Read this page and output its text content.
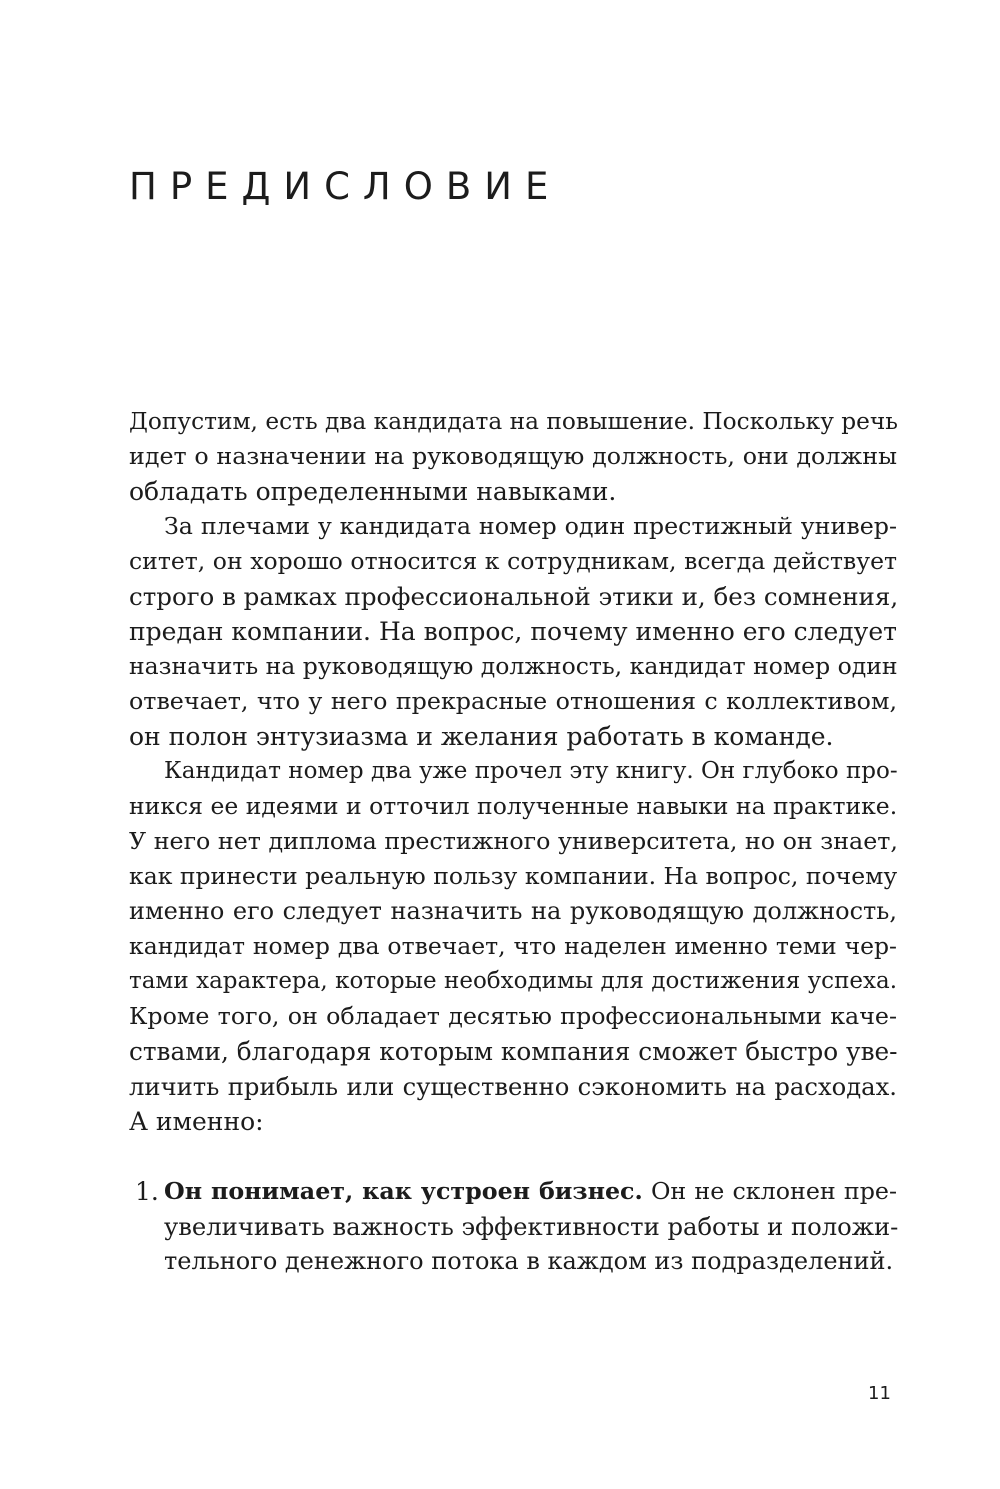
ПРЕДИСЛОВИЕ

Допустим, есть два кандидата на повышение. Поскольку речь
идет о назначении на руководящую должность, они должны
обладать определенными навыками.

За плечами у кандидата номер один престижный универ-
ситет, он хорошо относится к сотрудникам, всегда действует
строго в рамках профессиональной этики и, без сомнения,
предан компании. На вопрос, почему именно его следует
назначить на руководящую должность, кандидат номер один
отвечает, что у него прекрасные отношения с коллективом,
он полон энтузиазма и желания работать в команде.

Кандидат номер два уже прочел эту книгу. Он глубоко про-
никся ее идеями и отточил полученные навыки на практике.
У него нет диплома престижного университета, но он знает,
как принести реальную пользу компании. На вопрос, почему
именно его следует назначить на руководящую должность,
кандидат номер два отвечает, что наделен именно теми чер-
тами характера, которые необходимы для достижения успеха.
Кроме того, он обладает десятью профессиональными каче-
ствами, благодаря которым компания сможет быстро уве-
личить прибыль или существенно сэкономить на расходах.
А именно:

1. Он понимает, как устроен бизнес. Он не склонен пре-
увеличивать важность эффективности работы и положи-
тельного денежного потока в каждом из подразделений.
11
